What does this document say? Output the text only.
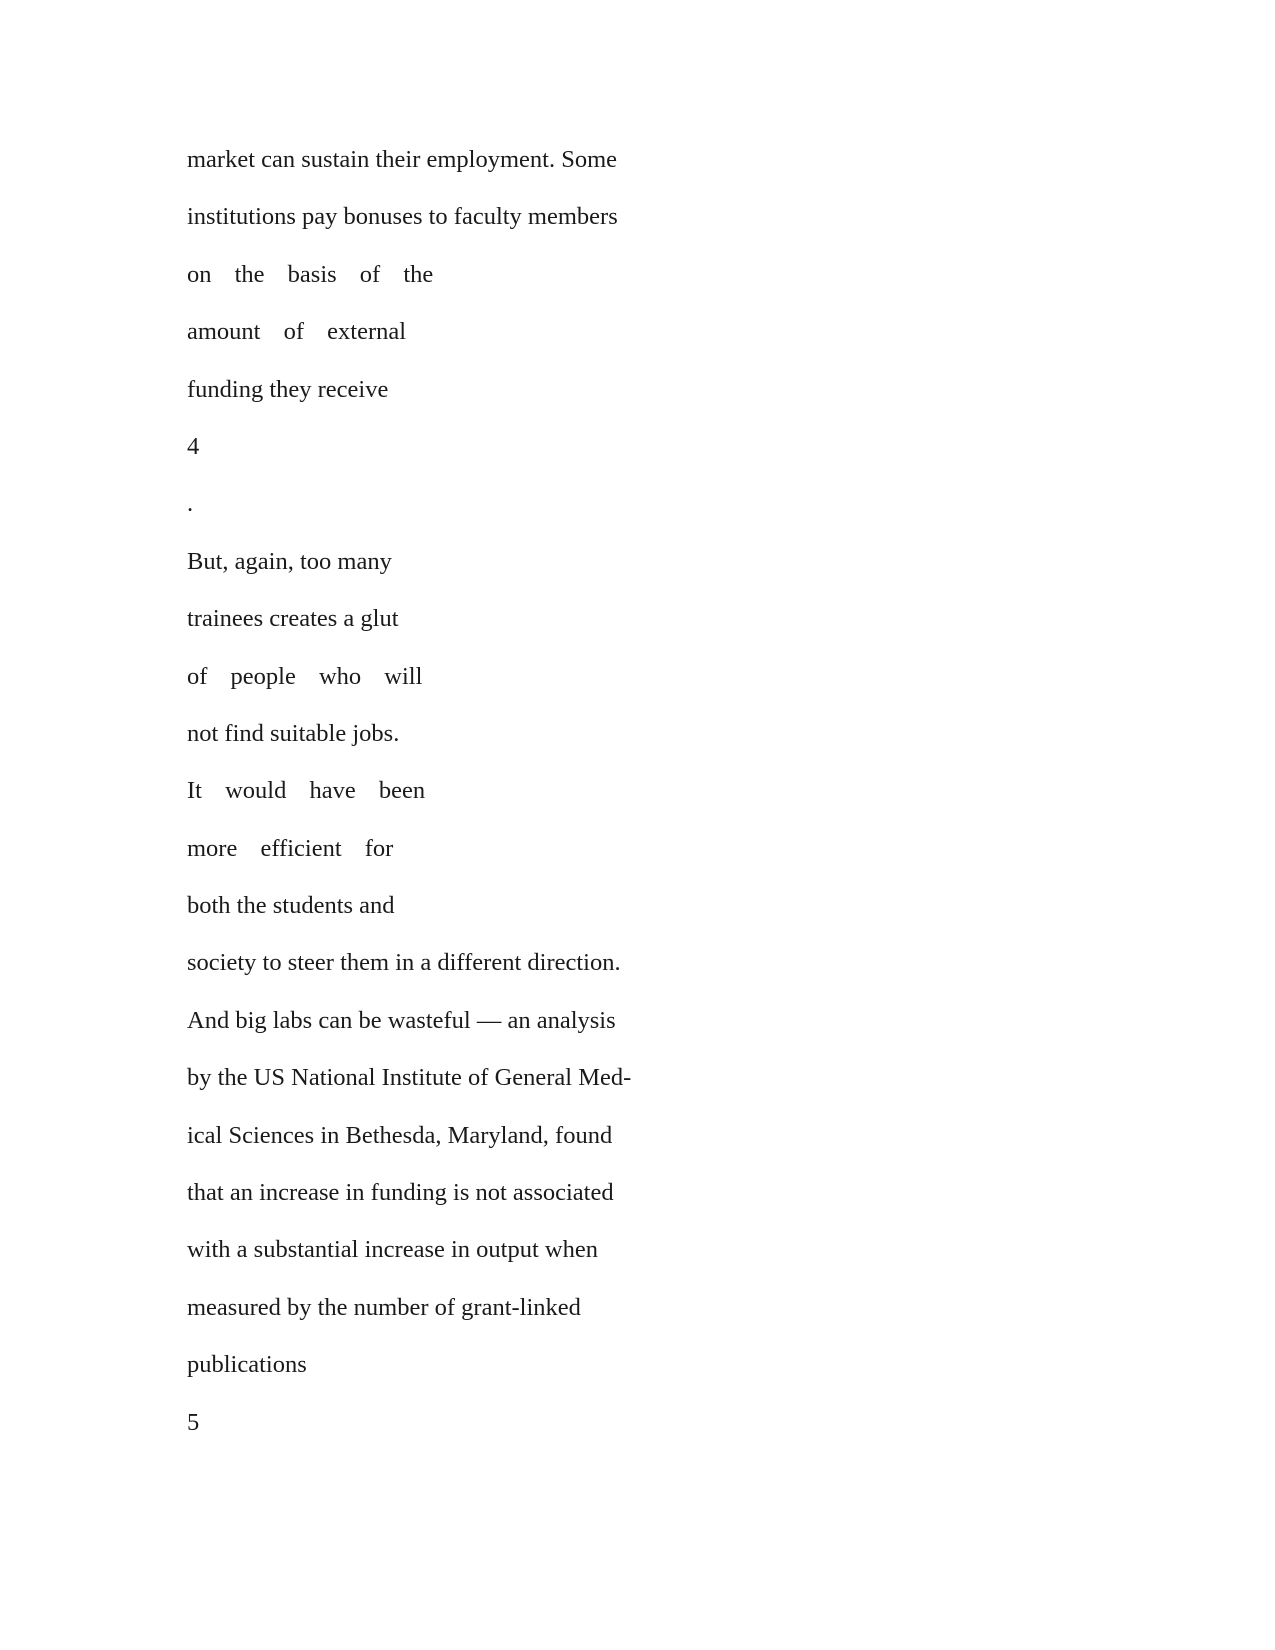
market can sustain their employment. Some

institutions pay bonuses to faculty members

on the basis of the

amount of external

funding they receive

4

.

But, again, too many

trainees creates a glut

of people who will

not find suitable jobs.

It would have been

more efficient for

both the students and

society to steer them in a different direction.

And big labs can be wasteful — an analysis

by the US National Institute of General Med-

ical Sciences in Bethesda, Maryland, found

that an increase in funding is not associated

with a substantial increase in output when

measured by the number of grant-linked

publications

5
